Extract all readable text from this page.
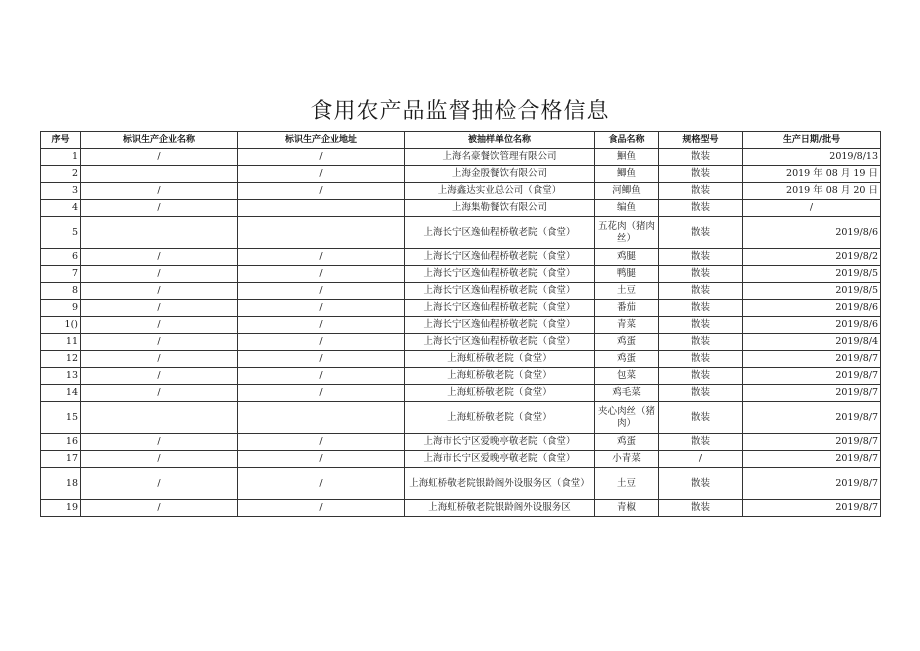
食用农产品监督抽检合格信息
序号	标识生产企业名称	标识生产企业地址	被抽样单位名称	食品名称	规格型号	生产日期/批号
1	/	/	上海名豪餐饮管理有限公司	鮰鱼	散装	2019/8/13
2		/	上海金殷餐饮有限公司	鲫鱼	散装	2019 年 08 月 19 日
3	/	/	上海鑫达实业总公司（食堂）	河鲫鱼	散装	2019 年 08 月 20 日
4	/		上海集勒餐饮有限公司	编鱼	散装	/
5			上海长宁区逸仙程桥敬老院（食堂）	五花肉（猪肉丝）	散装	2019/8/6
6	/	/	上海长宁区逸仙程桥敬老院（食堂）	鸡腿	散装	2019/8/2
7	/	/	上海长宁区逸仙程桥敬老院（食堂）	鸭腿	散装	2019/8/5
8	/	/	上海长宁区逸仙程桥敬老院（食堂）	土豆	散装	2019/8/5
9	/	/	上海长宁区逸仙程桥敬老院（食堂）	番茄	散装	2019/8/6
1()	/	/	上海长宁区逸仙程桥敬老院（食堂）	青菜	散装	2019/8/6
11	/	/	上海长宁区逸仙程桥敬老院（食堂）	鸡蛋	散装	2019/8/4
12	/	/	上海虹桥敬老院（食堂）	鸡蛋	散装	2019/8/7
13	/	/	上海虹桥敬老院（食堂）	包菜	散装	2019/8/7
14	/	/	上海虹桥敬老院（食堂）	鸡毛菜	散装	2019/8/7
15			上海虹桥敬老院（食堂）	夹心肉丝（猪肉）	散装	2019/8/7
16	/	/	上海市长宁区爱晚亭敬老院（食堂）	鸡蛋	散装	2019/8/7
17	/	/	上海市长宁区爱晚亭敬老院（食堂）	小青菜	/	2019/8/7
18	/	/	上海虹桥敬老院银龄阁外设服务区（食堂）	土豆	散装	2019/8/7
19	/	/	上海虹桥敬老院银龄阁外设服务区	青椒	散装	2019/8/7
